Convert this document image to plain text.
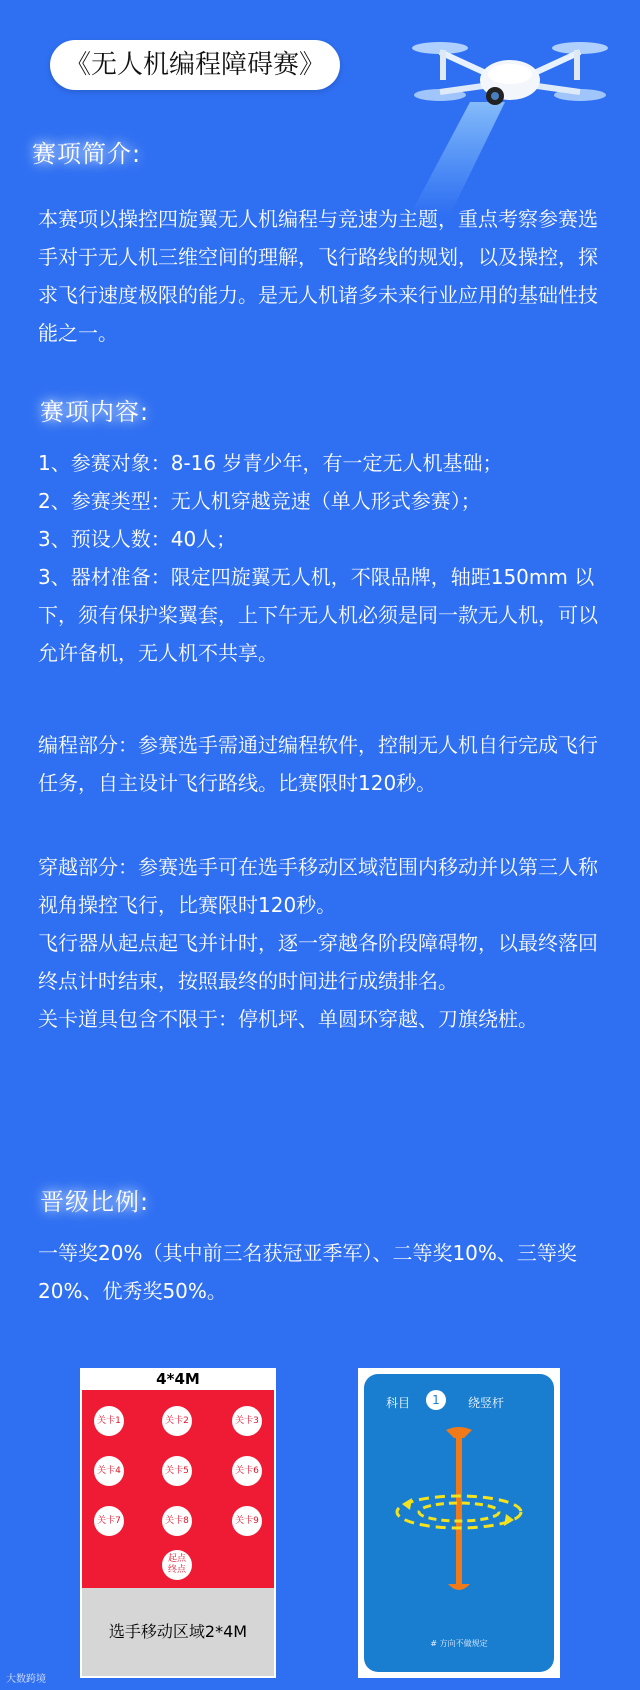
《无人机编程障碍赛》
赛项简介:

本赛项以操控四旋翼无人机编程与竞速为主题，重点考察参赛选手对于无人机三维空间的理解，飞行路线的规划，以及操控，探求飞行速度极限的能力。是无人机诸多未来行业应用的基础性技能之一。

赛项内容:

1、参赛对象：8-16 岁青少年，有一定无人机基础；

2、参赛类型：无人机穿越竞速（单人形式参赛）；

3、预设人数：40人；

3、器材准备：限定四旋翼无人机，不限品牌，轴距150mm 以下，须有保护桨翼套，上下午无人机必须是同一款无人机，可以允许备机，无人机不共享。

编程部分：参赛选手需通过编程软件，控制无人机自行完成飞行任务，自主设计飞行路线。比赛限时120秒。

穿越部分：参赛选手可在选手移动区域范围内移动并以第三人称视角操控飞行，比赛限时120秒。

飞行器从起点起飞并计时，逐一穿越各阶段障碍物，以最终落回终点计时结束，按照最终的时间进行成绩排名。

关卡道具包含不限于：停机坪、单圆环穿越、刀旗绕桩。

晋级比例:

一等奖20%（其中前三名获冠亚季军）、二等奖10%、三等奖20%、优秀奖50%。

4*4M
关卡1	关卡2	关卡3
关卡4	关卡5	关卡6
关卡7	关卡8	关卡9
起点
终点
选手移动区域2*4M
科目	1	绕竖杆
# 方向不做规定
大数跨境
